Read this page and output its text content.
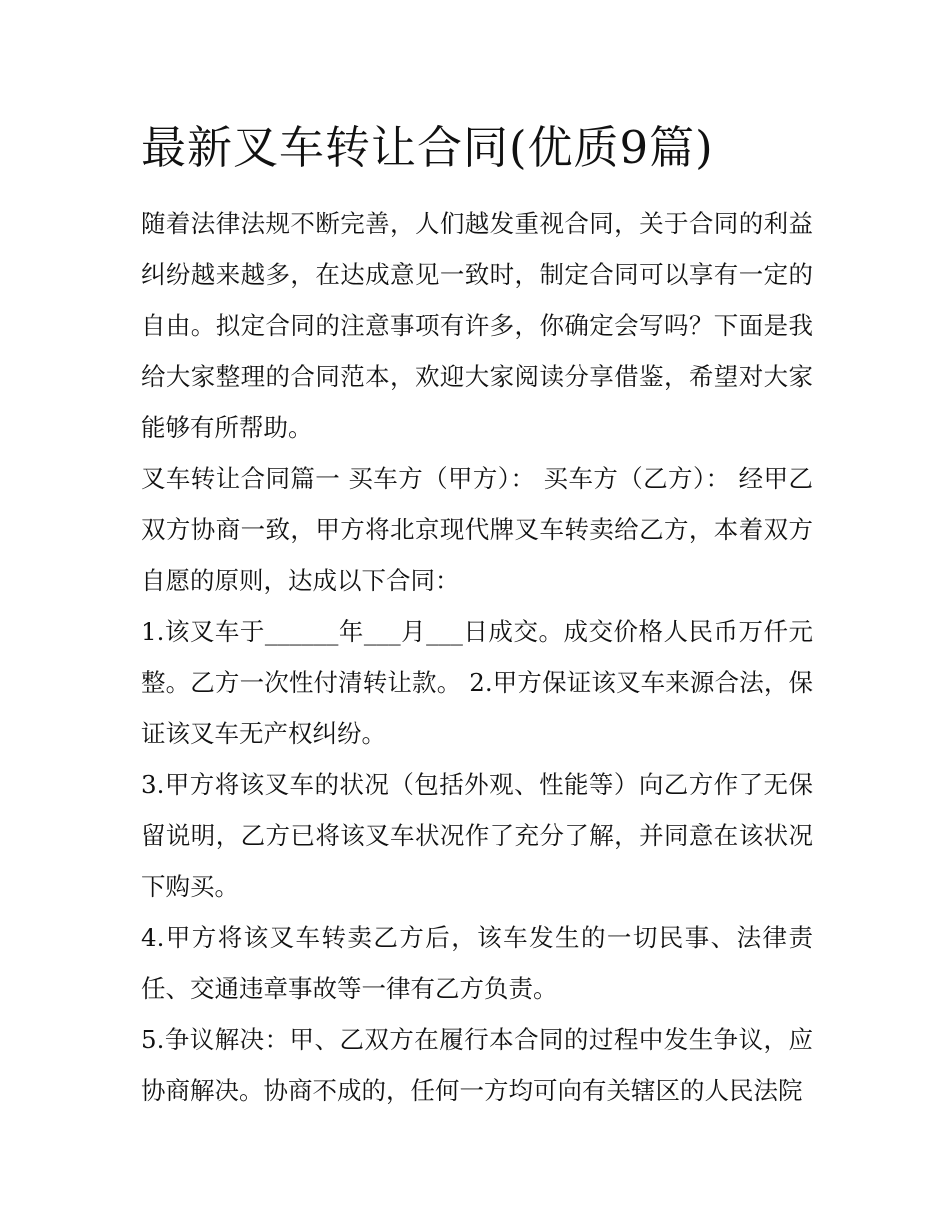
最新叉车转让合同(优质9篇)

随着法律法规不断完善，人们越发重视合同，关于合同的利益纠纷越来越多，在达成意见一致时，制定合同可以享有一定的自由。拟定合同的注意事项有许多，你确定会写吗？下面是我给大家整理的合同范本，欢迎大家阅读分享借鉴，希望对大家能够有所帮助。

叉车转让合同篇一 买车方（甲方）： 买车方（乙方）： 经甲乙双方协商一致，甲方将北京现代牌叉车转卖给乙方，本着双方自愿的原则，达成以下合同：

1.该叉车于______年___月___日成交。成交价格人民币万仟元整。乙方一次性付清转让款。 2.甲方保证该叉车来源合法，保证该叉车无产权纠纷。

3.甲方将该叉车的状况（包括外观、性能等）向乙方作了无保留说明，乙方已将该叉车状况作了充分了解，并同意在该状况下购买。

4.甲方将该叉车转卖乙方后，该车发生的一切民事、法律责任、交通违章事故等一律有乙方负责。

5.争议解决：甲、乙双方在履行本合同的过程中发生争议，应协商解决。协商不成的，任何一方均可向有关辖区的人民法院
